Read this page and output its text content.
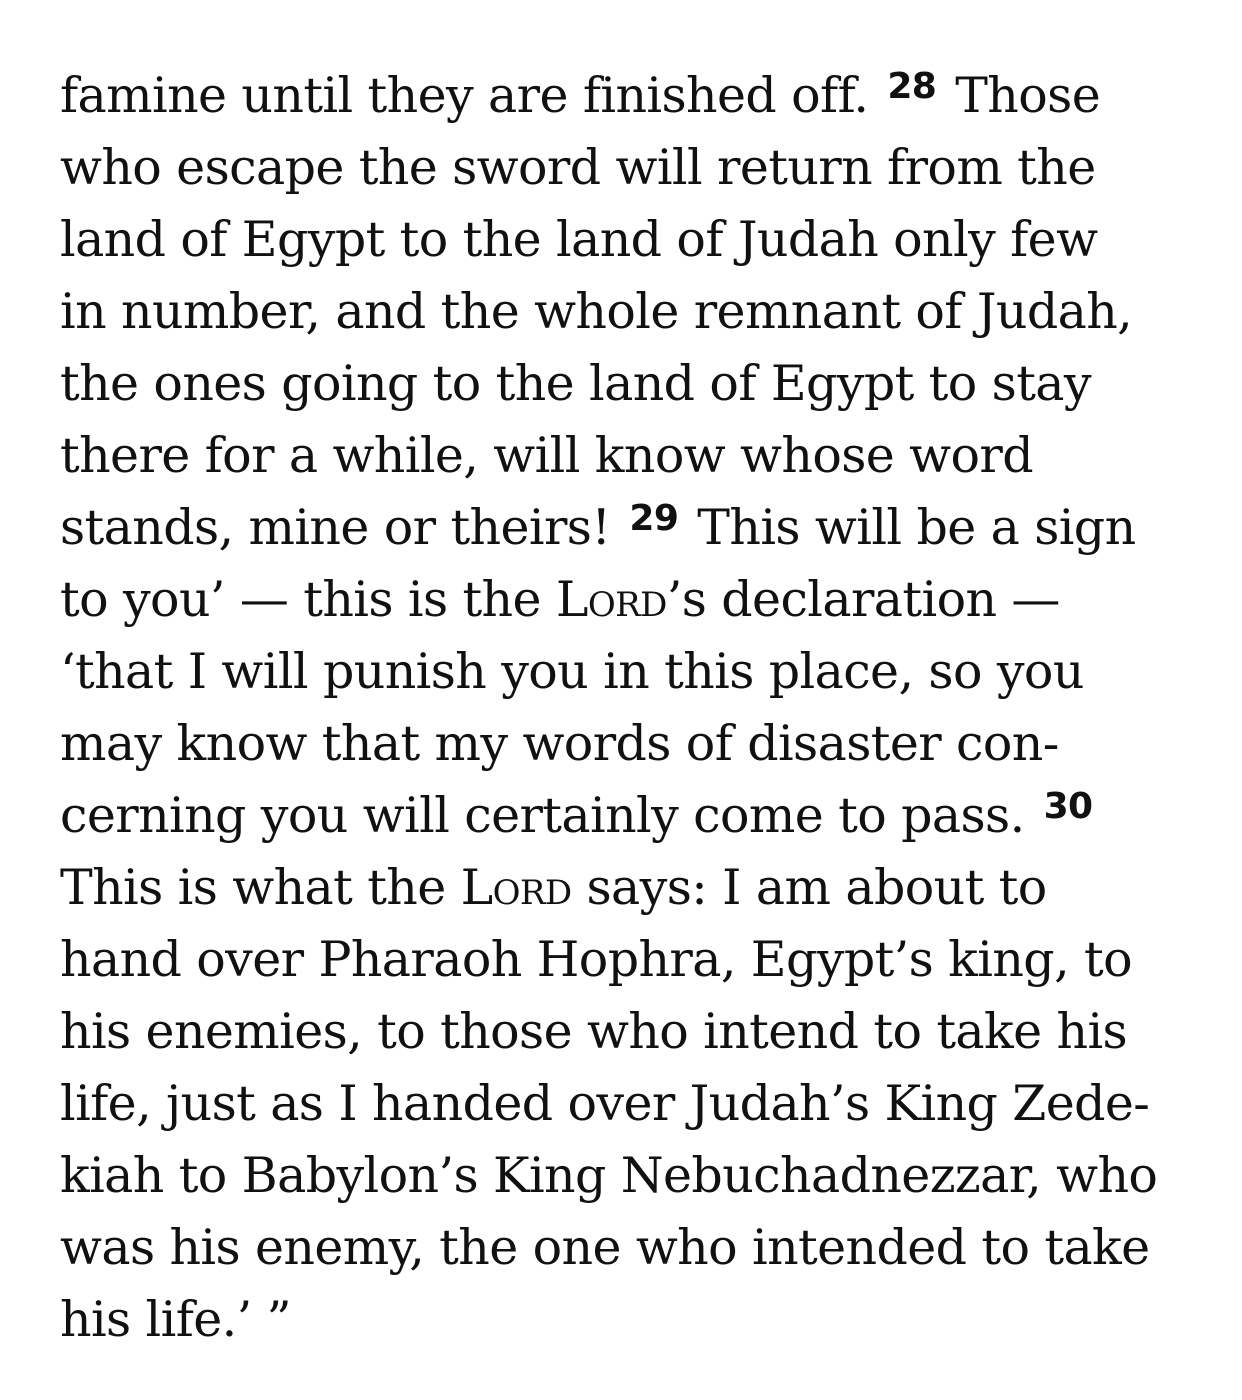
famine until they are finished off. $^{28}$ Those
who escape the sword will return from the
land of Egypt to the land of Judah only few
in number, and the whole remnant of Judah,
the ones going to the land of Egypt to stay
there for a while, will know whose word
stands, mine or theirs! $^{29}$ This will be a sign
to you’ — this is the Lord’s declaration —
‘that I will punish you in this place, so you
may know that my words of disaster con-
cerning you will certainly come to pass. $^{30}$
This is what the Lord says: I am about to
hand over Pharaoh Hophra, Egypt’s king, to
his enemies, to those who intend to take his
life, just as I handed over Judah’s King Zede-
kiah to Babylon’s King Nebuchadnezzar, who
was his enemy, the one who intended to take
his life.’ ”
